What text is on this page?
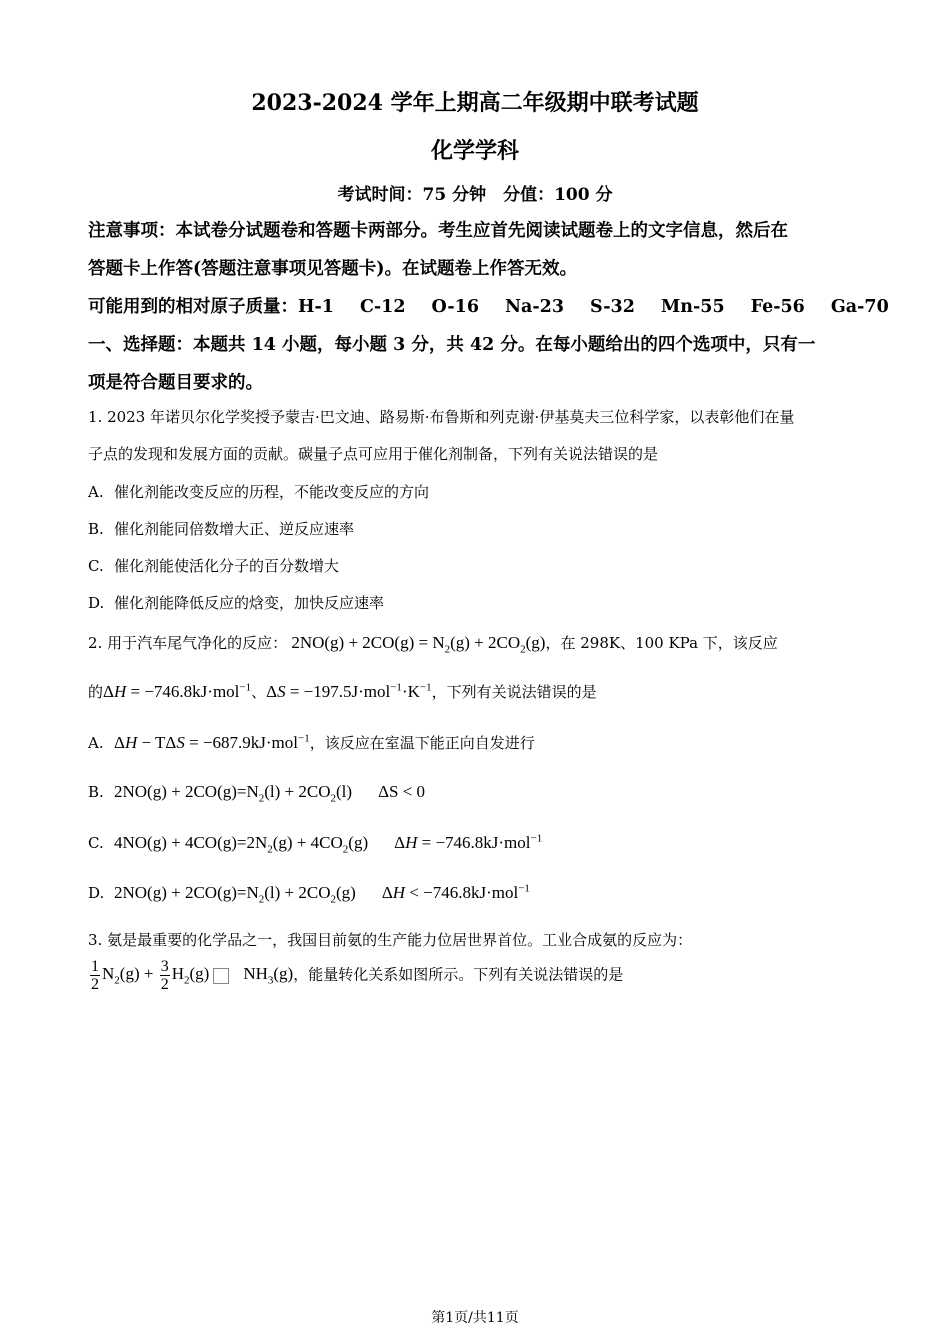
2023-2024 学年上期高二年级期中联考试题
化学学科
考试时间：75 分钟　分值：100 分
注意事项：本试卷分试题卷和答题卡两部分。考生应首先阅读试题卷上的文字信息，然后在
答题卡上作答(答题注意事项见答题卡)。在试题卷上作答无效。
可能用到的相对原子质量：H-1 C-12 O-16 Na-23 S-32 Mn-55 Fe-56 Ga-70
一、选择题：本题共 14 小题，每小题 3 分，共 42 分。在每小题给出的四个选项中，只有一
项是符合题目要求的。
1. 2023 年诺贝尔化学奖授予蒙吉·巴文迪、路易斯·布鲁斯和列克谢·伊基莫夫三位科学家，以表彰他们在量
子点的发现和发展方面的贡献。碳量子点可应用于催化剂制备，下列有关说法错误的是
A. 催化剂能改变反应的历程，不能改变反应的方向
B. 催化剂能同倍数增大正、逆反应速率
C. 催化剂能使活化分子的百分数增大
D. 催化剂能降低反应的焓变，加快反应速率
2. 用于汽车尾气净化的反应： $2NO(g) + 2CO(g) = N_2(g) + 2CO_2(g)$，在 298K、100 KPa 下，该反应
的ΔH = −746.8kJ·mol$^{-1}$、$\Delta S = -197.5J\cdot mol^{-1}\cdot K^{-1}$，下列有关说法错误的是
A. ΔH − TΔS = −687.9kJ·mol$^{-1}$，该反应在室温下能正向自发进行
B. $2NO(g) + 2CO(g)=N_2(l) + 2CO_2(l) \Delta S < 0$
C. $4NO(g) + 4CO(g)=2N_2(g) + 4CO_2(g) \Delta H = -746.8kJ\cdot mol^{-1}$
D. $2NO(g) + 2CO(g)=N_2(l) + 2CO_2(g) \Delta H < -746.8kJ\cdot mol^{-1}$
3. 氨是最重要的化学品之一，我国目前氨的生产能力位居世界首位。工业合成氨的反应为：
$\frac{1}{2} N_2(g) + \frac{3}{2} H_2(g)$ $NH_3(g)$，能量转化关系如图所示。下列有关说法错误的是
第1页/共11页
